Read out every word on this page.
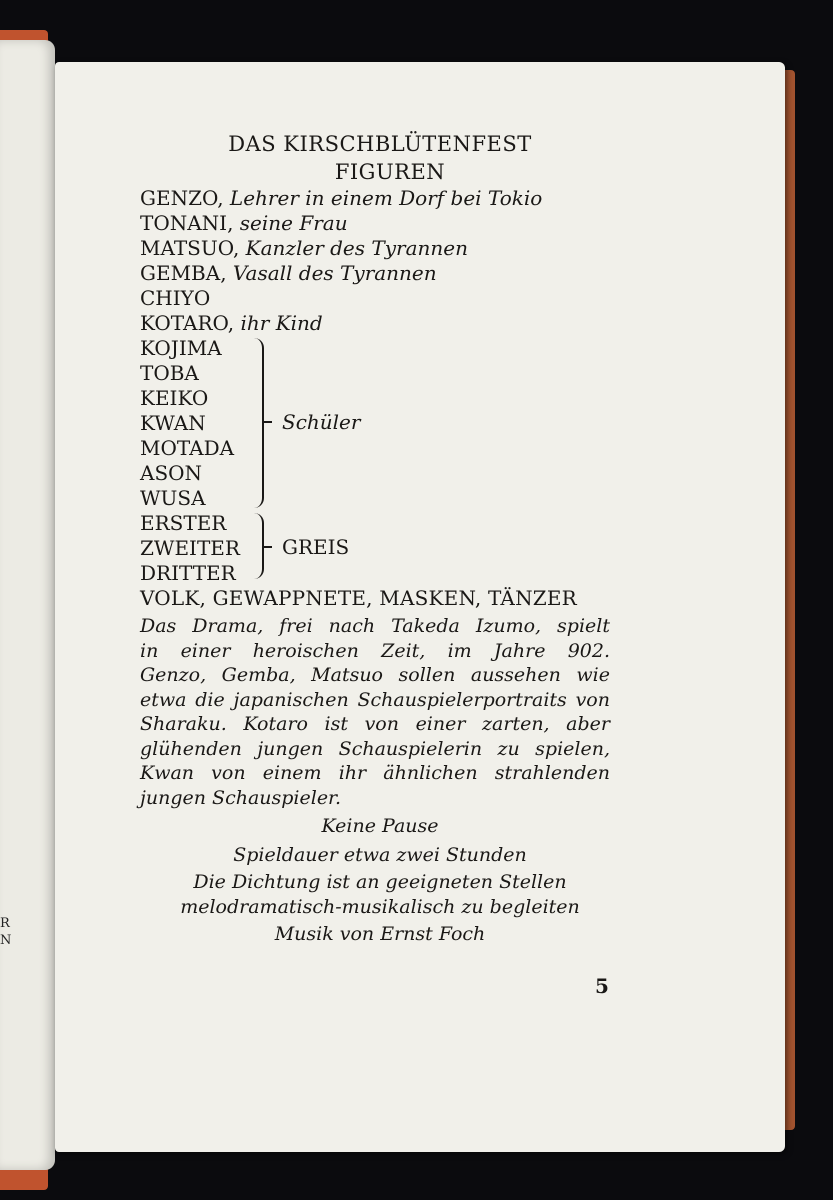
R
N
DAS KIRSCHBLÜTENFEST
FIGUREN
GENZO, Lehrer in einem Dorf bei Tokio
TONANI, seine Frau
MATSUO, Kanzler des Tyrannen
GEMBA, Vasall des Tyrannen
CHIYO
KOTARO, ihr Kind
KOJIMA
TOBA
KEIKO
KWAN
MOTADA
ASON
WUSA
Schüler
ERSTER
ZWEITER
DRITTER
GREIS
VOLK, GEWAPPNETE, MASKEN, TÄNZER
Das Drama, frei nach Takeda Izumo, spielt
in einer heroischen Zeit, im Jahre 902.
Genzo, Gemba, Matsuo sollen aussehen wie
etwa die japanischen Schauspielerportraits von
Sharaku. Kotaro ist von einer zarten, aber
glühenden jungen Schauspielerin zu spielen,
Kwan von einem ihr ähnlichen strahlenden
jungen Schauspieler.
Keine Pause
Spieldauer etwa zwei Stunden
Die Dichtung ist an geeigneten Stellen
melodramatisch-musikalisch zu begleiten
Musik von Ernst Foch
5
